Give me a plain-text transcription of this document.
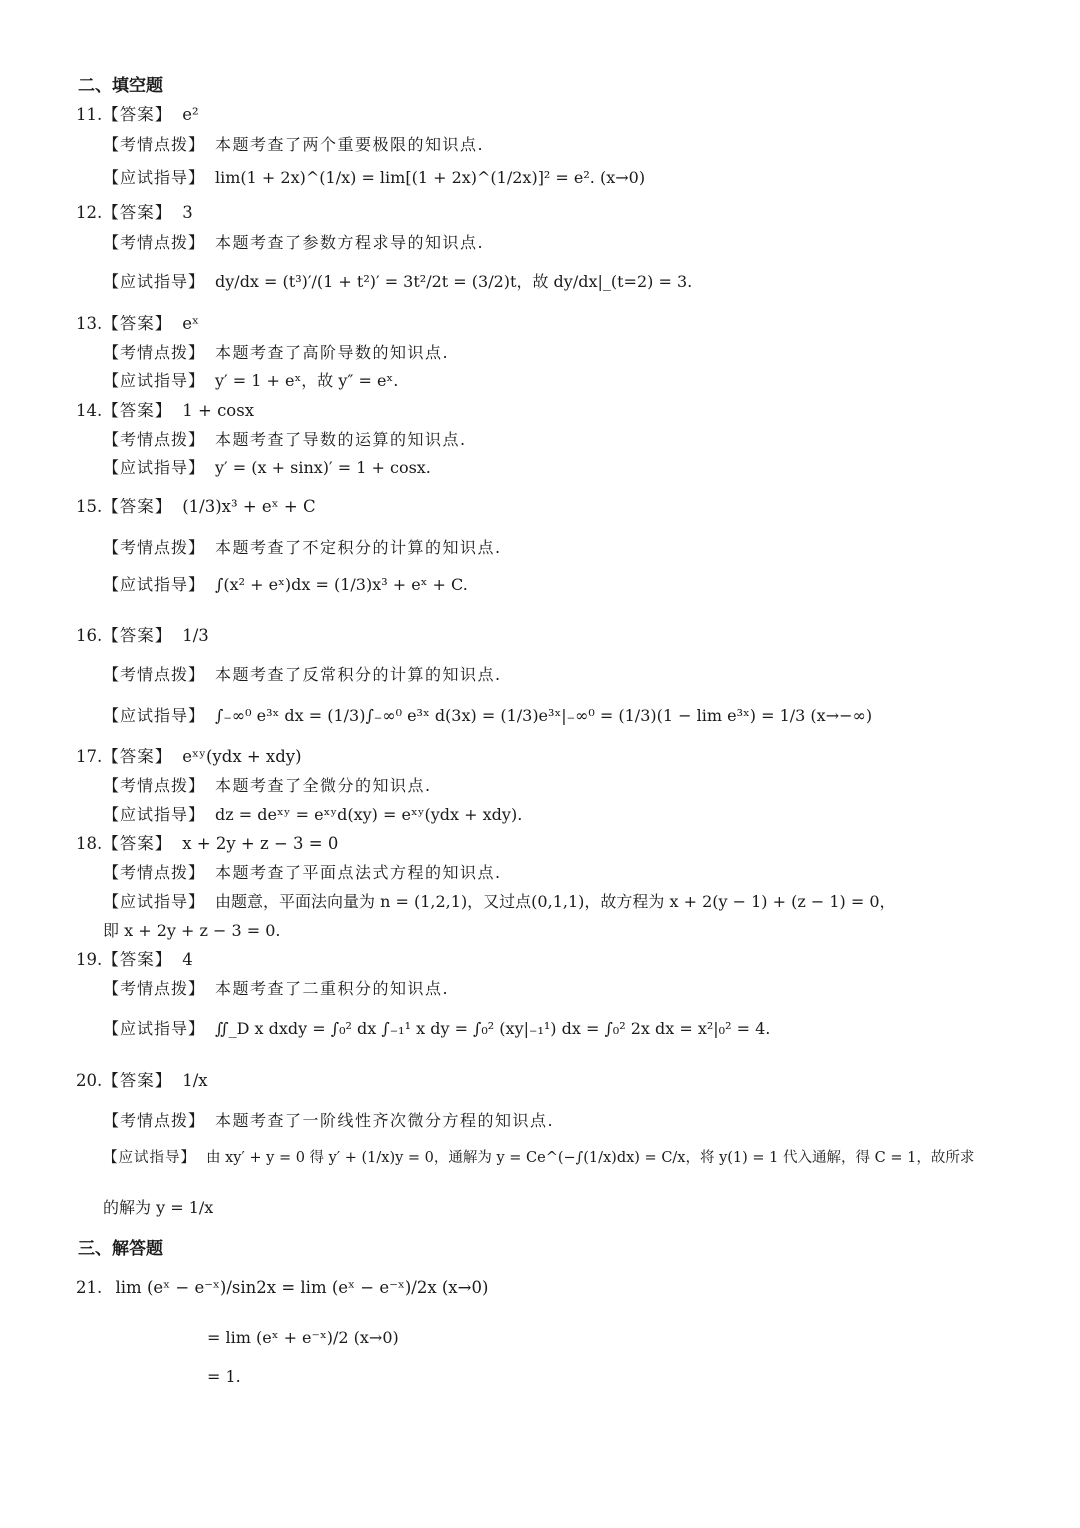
二、填空题
11.【答案】 e²
【考情点拨】 本题考查了两个重要极限的知识点.
【应试指导】 lim(1 + 2x)^(1/x) = lim[(1 + 2x)^(1/2x)]² = e². (x→0)
12.【答案】 3
【考情点拨】 本题考查了参数方程求导的知识点.
【应试指导】 dy/dx = (t³)′/(1 + t²)′ = 3t²/2t = (3/2)t，故 dy/dx|_(t=2) = 3.
13.【答案】 eˣ
【考情点拨】 本题考查了高阶导数的知识点.
【应试指导】 y′ = 1 + eˣ，故 y″ = eˣ.
14.【答案】 1 + cosx
【考情点拨】 本题考查了导数的运算的知识点.
【应试指导】 y′ = (x + sinx)′ = 1 + cosx.
15.【答案】 (1/3)x³ + eˣ + C
【考情点拨】 本题考查了不定积分的计算的知识点.
【应试指导】 ∫(x² + eˣ)dx = (1/3)x³ + eˣ + C.
16.【答案】 1/3
【考情点拨】 本题考查了反常积分的计算的知识点.
【应试指导】 ∫₋∞⁰ e³ˣ dx = (1/3)∫₋∞⁰ e³ˣ d(3x) = (1/3)e³ˣ|₋∞⁰ = (1/3)(1 − lim e³ˣ) = 1/3 (x→−∞)
17.【答案】 eˣʸ(ydx + xdy)
【考情点拨】 本题考查了全微分的知识点.
【应试指导】 dz = deˣʸ = eˣʸd(xy) = eˣʸ(ydx + xdy).
18.【答案】 x + 2y + z − 3 = 0
【考情点拨】 本题考查了平面点法式方程的知识点.
【应试指导】 由题意，平面法向量为 n = (1,2,1)，又过点(0,1,1)，故方程为 x + 2(y − 1) + (z − 1) = 0，
即 x + 2y + z − 3 = 0.
19.【答案】 4
【考情点拨】 本题考查了二重积分的知识点.
【应试指导】 ∬_D x dxdy = ∫₀² dx ∫₋₁¹ x dy = ∫₀² (xy|₋₁¹) dx = ∫₀² 2x dx = x²|₀² = 4.
20.【答案】 1/x
【考情点拨】 本题考查了一阶线性齐次微分方程的知识点.
【应试指导】 由 xy′ + y = 0 得 y′ + (1/x)y = 0，通解为 y = Ce^(−∫(1/x)dx) = C/x，将 y(1) = 1 代入通解，得 C = 1，故所求
的解为 y = 1/x
三、解答题
21. lim (eˣ − e⁻ˣ)/sin2x = lim (eˣ − e⁻ˣ)/2x (x→0)
= lim (eˣ + e⁻ˣ)/2 (x→0)
= 1.
